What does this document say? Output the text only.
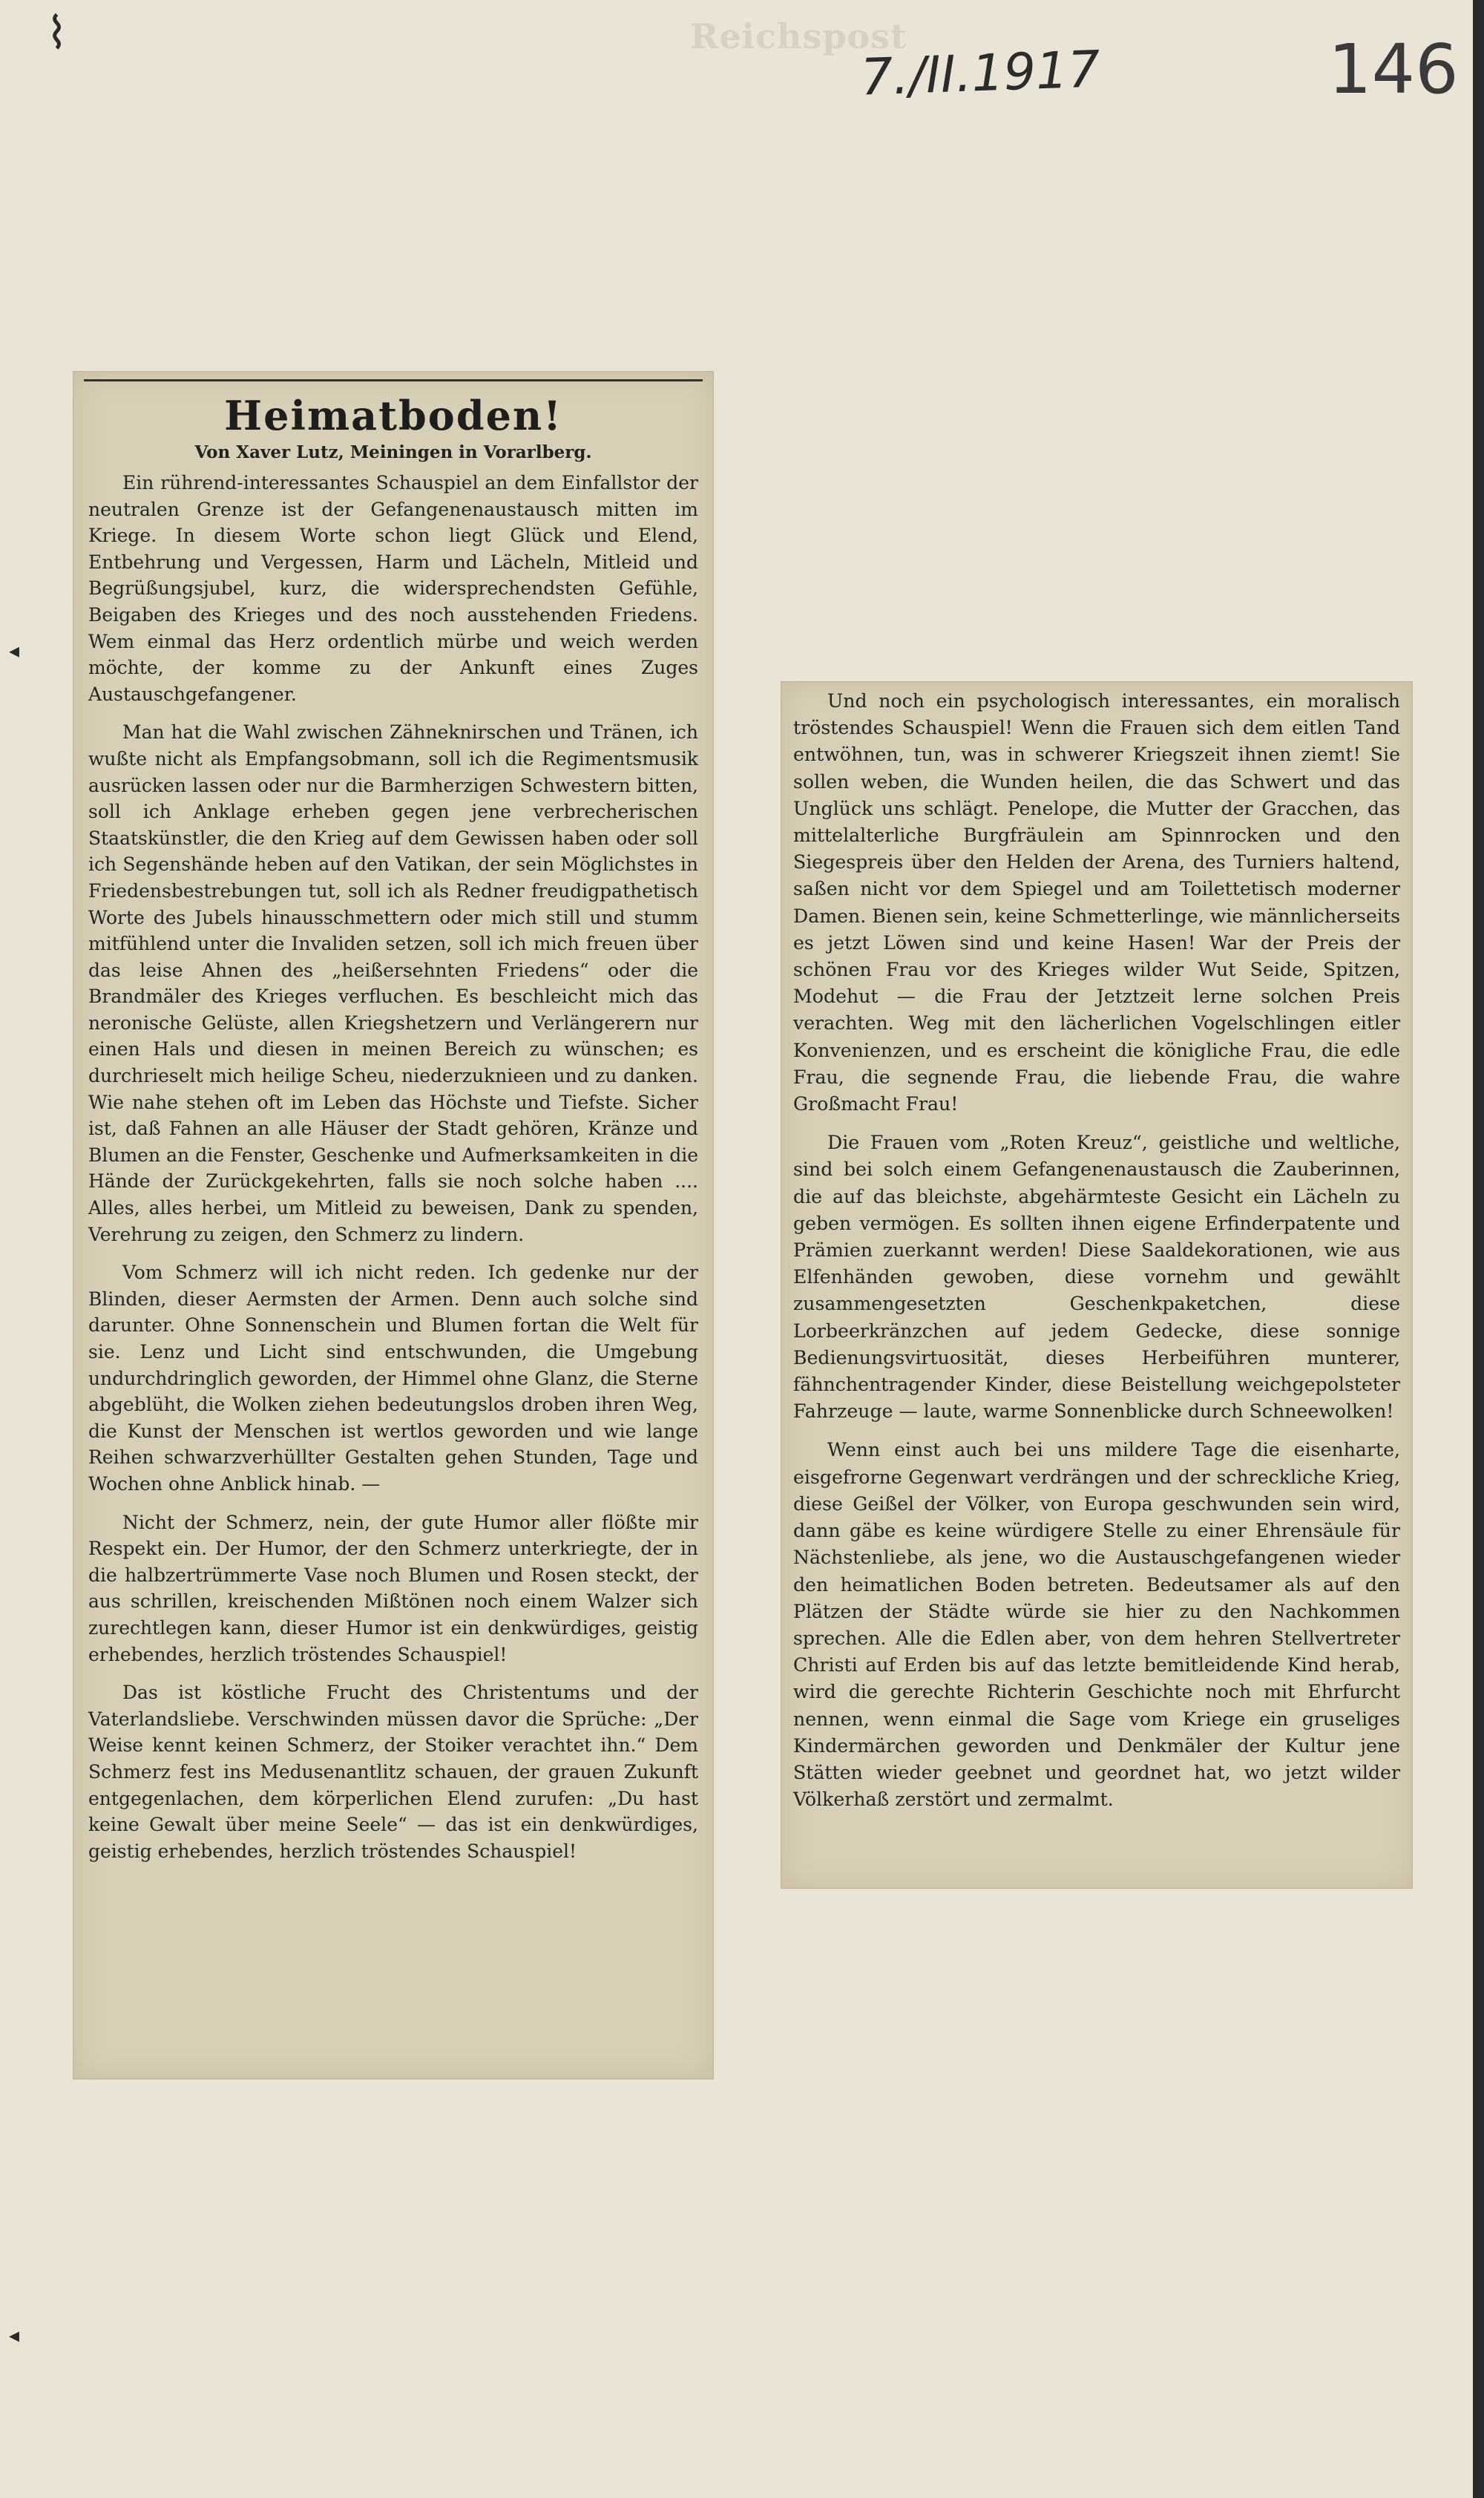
Reichspost
7./II.1917	146
⌇
◂
◂
Heimatboden!
Von Xaver Lutz, Meiningen in Vorarlberg.

Ein rührend-interessantes Schauspiel an dem Einfallstor der neutralen Grenze ist der Gefangenenaustausch mitten im Kriege. In diesem Worte schon liegt Glück und Elend, Entbehrung und Vergessen, Harm und Lächeln, Mitleid und Begrüßungsjubel, kurz, die widersprechendsten Gefühle, Beigaben des Krieges und des noch ausstehenden Friedens. Wem einmal das Herz ordentlich mürbe und weich werden möchte, der komme zu der Ankunft eines Zuges Austauschgefangener.

Man hat die Wahl zwischen Zähneknirschen und Tränen, ich wußte nicht als Empfangsobmann, soll ich die Regimentsmusik ausrücken lassen oder nur die Barmherzigen Schwestern bitten, soll ich Anklage erheben gegen jene verbrecherischen Staatskünstler, die den Krieg auf dem Gewissen haben oder soll ich Segenshände heben auf den Vatikan, der sein Möglichstes in Friedensbestrebungen tut, soll ich als Redner freudigpathetisch Worte des Jubels hinausschmettern oder mich still und stumm mitfühlend unter die Invaliden setzen, soll ich mich freuen über das leise Ahnen des „heißersehnten Friedens“ oder die Brandmäler des Krieges verfluchen. Es beschleicht mich das neronische Gelüste, allen Kriegshetzern und Verlängerern nur einen Hals und diesen in meinen Bereich zu wünschen; es durchrieselt mich heilige Scheu, niederzuknieen und zu danken. Wie nahe stehen oft im Leben das Höchste und Tiefste. Sicher ist, daß Fahnen an alle Häuser der Stadt gehören, Kränze und Blumen an die Fenster, Geschenke und Aufmerksamkeiten in die Hände der Zurückgekehrten, falls sie noch solche haben .... Alles, alles herbei, um Mitleid zu beweisen, Dank zu spenden, Verehrung zu zeigen, den Schmerz zu lindern.

Vom Schmerz will ich nicht reden. Ich gedenke nur der Blinden, dieser Aermsten der Armen. Denn auch solche sind darunter. Ohne Sonnenschein und Blumen fortan die Welt für sie. Lenz und Licht sind entschwunden, die Umgebung undurchdringlich geworden, der Himmel ohne Glanz, die Sterne abgeblüht, die Wolken ziehen bedeutungslos droben ihren Weg, die Kunst der Menschen ist wertlos geworden und wie lange Reihen schwarzverhüllter Gestalten gehen Stunden, Tage und Wochen ohne Anblick hinab. —

Nicht der Schmerz, nein, der gute Humor aller flößte mir Respekt ein. Der Humor, der den Schmerz unterkriegte, der in die halbzertrümmerte Vase noch Blumen und Rosen steckt, der aus schrillen, kreischenden Mißtönen noch einem Walzer sich zurechtlegen kann, dieser Humor ist ein denkwürdiges, geistig erhebendes, herzlich tröstendes Schauspiel!

Das ist köstliche Frucht des Christentums und der Vaterlandsliebe. Verschwinden müssen davor die Sprüche: „Der Weise kennt keinen Schmerz, der Stoiker verachtet ihn.“ Dem Schmerz fest ins Medusenantlitz schauen, der grauen Zukunft entgegenlachen, dem körperlichen Elend zurufen: „Du hast keine Gewalt über meine Seele“ — das ist ein denkwürdiges, geistig erhebendes, herzlich tröstendes Schauspiel!

Und noch ein psychologisch interessantes, ein moralisch tröstendes Schauspiel! Wenn die Frauen sich dem eitlen Tand entwöhnen, tun, was in schwerer Kriegszeit ihnen ziemt! Sie sollen weben, die Wunden heilen, die das Schwert und das Unglück uns schlägt. Penelope, die Mutter der Gracchen, das mittelalterliche Burgfräulein am Spinnrocken und den Siegespreis über den Helden der Arena, des Turniers haltend, saßen nicht vor dem Spiegel und am Toilettetisch moderner Damen. Bienen sein, keine Schmetterlinge, wie männlicherseits es jetzt Löwen sind und keine Hasen! War der Preis der schönen Frau vor des Krieges wilder Wut Seide, Spitzen, Modehut — die Frau der Jetztzeit lerne solchen Preis verachten. Weg mit den lächerlichen Vogelschlingen eitler Konvenienzen, und es erscheint die königliche Frau, die edle Frau, die segnende Frau, die liebende Frau, die wahre Großmacht Frau!

Die Frauen vom „Roten Kreuz“, geistliche und weltliche, sind bei solch einem Gefangenenaustausch die Zauberinnen, die auf das bleichste, abgehärmteste Gesicht ein Lächeln zu geben vermögen. Es sollten ihnen eigene Erfinderpatente und Prämien zuerkannt werden! Diese Saaldekorationen, wie aus Elfenhänden gewoben, diese vornehm und gewählt zusammengesetzten Geschenkpaketchen, diese Lorbeerkränzchen auf jedem Gedecke, diese sonnige Bedienungsvirtuosität, dieses Herbeiführen munterer, fähnchentragender Kinder, diese Beistellung weichgepolsteter Fahrzeuge — laute, warme Sonnenblicke durch Schneewolken!

Wenn einst auch bei uns mildere Tage die eisenharte, eisgefrorne Gegenwart verdrängen und der schreckliche Krieg, diese Geißel der Völker, von Europa geschwunden sein wird, dann gäbe es keine würdigere Stelle zu einer Ehrensäule für Nächstenliebe, als jene, wo die Austauschgefangenen wieder den heimatlichen Boden betreten. Bedeutsamer als auf den Plätzen der Städte würde sie hier zu den Nachkommen sprechen. Alle die Edlen aber, von dem hehren Stellvertreter Christi auf Erden bis auf das letzte bemitleidende Kind herab, wird die gerechte Richterin Geschichte noch mit Ehrfurcht nennen, wenn einmal die Sage vom Kriege ein gruseliges Kindermärchen geworden und Denkmäler der Kultur jene Stätten wieder geebnet und geordnet hat, wo jetzt wilder Völkerhaß zerstört und zermalmt.
